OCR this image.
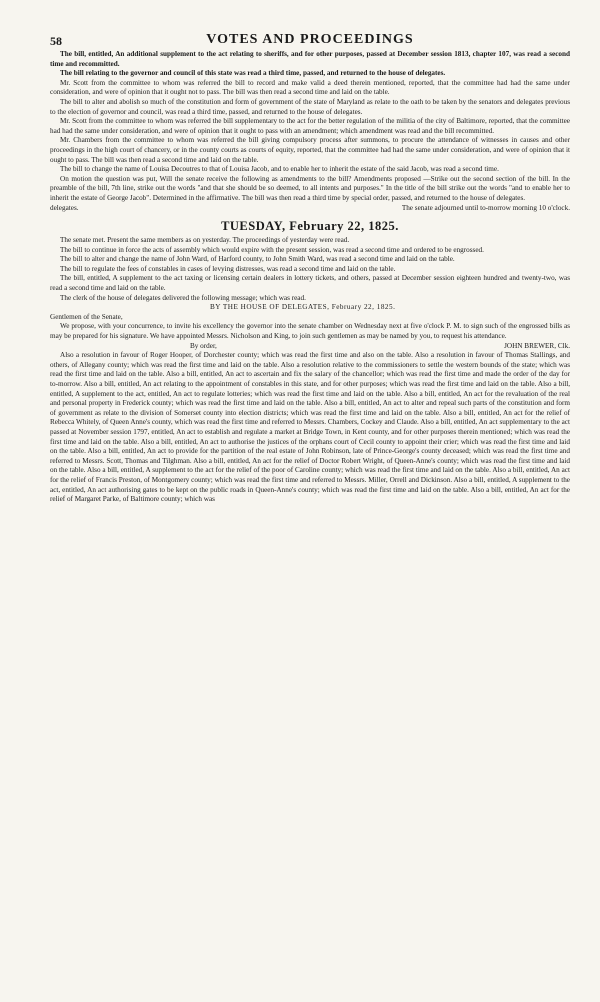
58	VOTES AND PROCEEDINGS

The bill, entitled, An additional supplement to the act relating to sheriffs, and for other purposes, passed at December session 1813, chapter 107, was read a second time and recommitted.

The bill relating to the governor and council of this state was read a third time, passed, and returned to the house of delegates.

Mr. Scott from the committee to whom was referred the bill to record and make valid a deed therein mentioned, reported, that the committee had had the same under consideration, and were of opinion that it ought not to pass. The bill was then read a second time and laid on the table.

The bill to alter and abolish so much of the constitution and form of government of the state of Maryland as relate to the oath to be taken by the senators and delegates previous to the election of governor and council, was read a third time, passed, and returned to the house of delegates.

Mr. Scott from the committee to whom was referred the bill supplementary to the act for the better regulation of the militia of the city of Baltimore, reported, that the committee had had the same under consideration, and were of opinion that it ought to pass with an amendment; which amendment was read and the bill recommitted.

Mr. Chambers from the committee to whom was referred the bill giving compulsory process after summons, to procure the attendance of witnesses in causes and other proceedings in the high court of chancery, or in the county courts as courts of equity, reported, that the committee had had the same under consideration, and were of opinion that it ought to pass. The bill was then read a second time and laid on the table.

The bill to change the name of Louisa Decoutres to that of Louisa Jacob, and to enable her to inherit the estate of the said Jacob, was read a second time.

On motion the question was put, Will the senate receive the following as amendments to the bill? Amendments proposed —Strike out the second section of the bill. In the preamble of the bill, 7th line, strike out the words "and that she should be so deemed, to all intents and purposes." In the title of the bill strike out the words "and to enable her to inherit the estate of George Jacob". Determined in the affirmative. The bill was then read a third time by special order, passed, and returned to the house of delegates.

delegates.	The senate adjourned until to-morrow morning 10 o'clock.
TUESDAY, February 22, 1825.

The senate met. Present the same members as on yesterday. The proceedings of yesterday were read.

The bill to continue in force the acts of assembly which would expire with the present session, was read a second time and ordered to be engrossed.

The bill to alter and change the name of John Ward, of Harford county, to John Smith Ward, was read a second time and laid on the table.

The bill to regulate the fees of constables in cases of levying distresses, was read a second time and laid on the table.

The bill, entitled, A supplement to the act taxing or licensing certain dealers in lottery tickets, and others, passed at December session eighteen hundred and twenty-two, was read a second time and laid on the table.

The clerk of the house of delegates delivered the following message; which was read.

BY THE HOUSE OF DELEGATES, February 22, 1825.

Gentlemen of the Senate,

We propose, with your concurrence, to invite his excellency the governor into the senate chamber on Wednesday next at five o'clock P. M. to sign such of the engrossed bills as may be prepared for his signature. We have appointed Messrs. Nicholson and King, to join such gentlemen as may be named by you, to request his attendance.

By order,	JOHN BREWER, Clk.

Also a resolution in favour of Roger Hooper, of Dorchester county; which was read the first time and also on the table. Also a resolution in favour of Thomas Stallings, and others, of Allegany county; which was read the first time and laid on the table. Also a resolution relative to the commissioners to settle the western bounds of the state; which was read the first time and laid on the table. Also a bill, entitled, An act to ascertain and fix the salary of the chancellor; which was read the first time and made the order of the day for to-morrow. Also a bill, entitled, An act relating to the appointment of constables in this state, and for other purposes; which was read the first time and laid on the table. Also a bill, entitled, A supplement to the act, entitled, An act to regulate lotteries; which was read the first time and laid on the table. Also a bill, entitled, An act for the revaluation of the real and personal property in Frederick county; which was read the first time and laid on the table. Also a bill, entitled, An act to alter and repeal such parts of the constitution and form of government as relate to the division of Somerset county into election districts; which was read the first time and laid on the table. Also a bill, entitled, An act for the relief of Rebecca Whitely, of Queen Anne's county, which was read the first time and referred to Messrs. Chambers, Cockey and Claude. Also a bill, entitled, An act supplementary to the act passed at November session 1797, entitled, An act to establish and regulate a market at Bridge Town, in Kent county, and for other purposes therein mentioned; which was read the first time and laid on the table. Also a bill, entitled, An act to authorise the justices of the orphans court of Cecil county to appoint their crier; which was read the first time and laid on the table. Also a bill, entitled, An act to provide for the partition of the real estate of John Robinson, late of Prince-George's county deceased; which was read the first time and referred to Messrs. Scott, Thomas and Tilghman. Also a bill, entitled, An act for the relief of Doctor Robert Wright, of Queen-Anne's county; which was read the first time and laid on the table. Also a bill, entitled, A supplement to the act for the relief of the poor of Caroline county; which was read the first time and laid on the table. Also a bill, entitled, An act for the relief of Francis Preston, of Montgomery county; which was read the first time and referred to Messrs. Miller, Orrell and Dickinson. Also a bill, entitled, A supplement to the act, entitled, An act authorising gates to be kept on the public roads in Queen-Anne's county; which was read the first time and laid on the table. Also a bill, entitled, An act for the relief of Margaret Parke, of Baltimore county; which was
